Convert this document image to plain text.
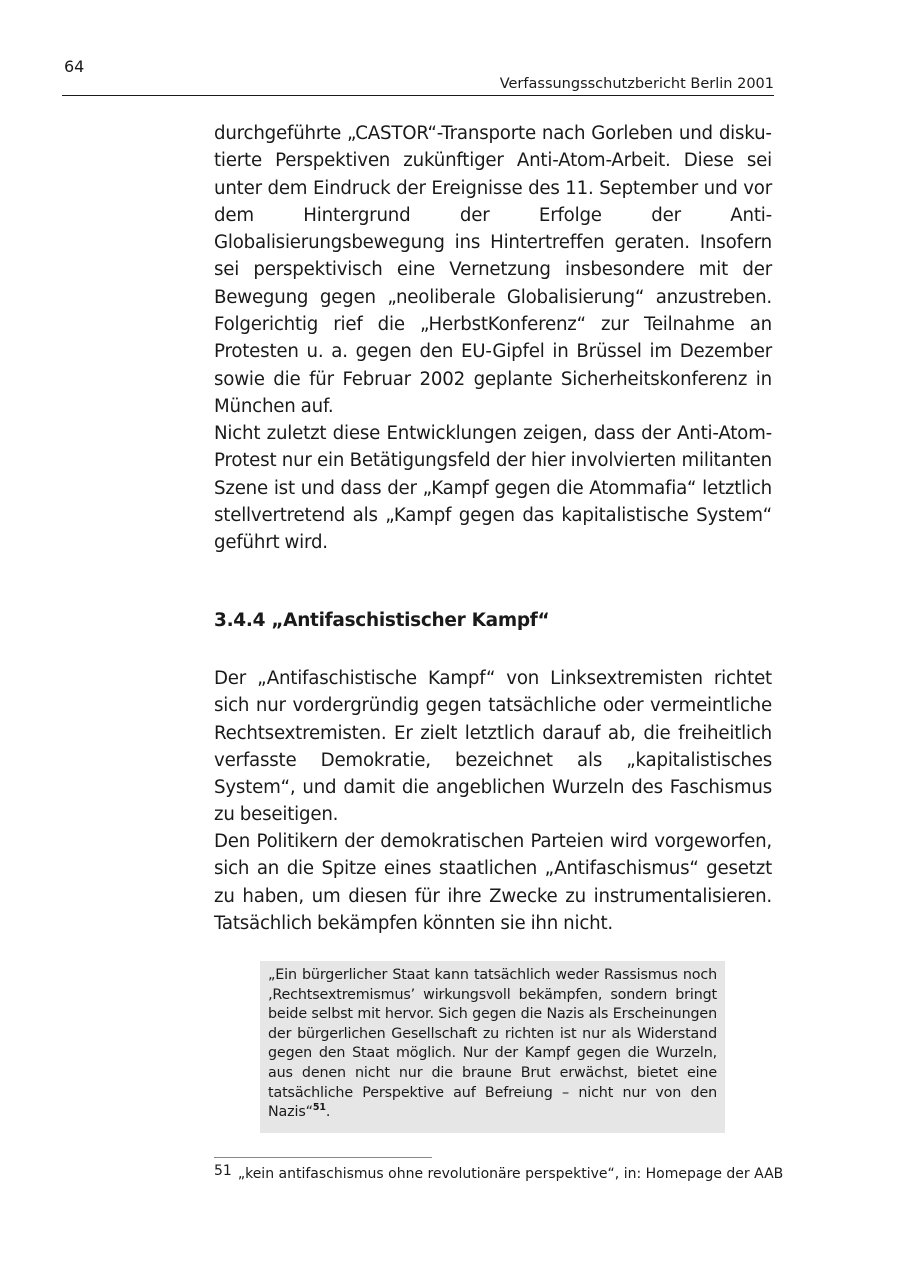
64
Verfassungsschutzbericht Berlin 2001

durchgeführte „CASTOR“-Transporte nach Gorleben und diskutierte Perspektiven zukünftiger Anti-Atom-Arbeit. Diese sei unter dem Eindruck der Ereignisse des 11. September und vor dem Hintergrund der Erfolge der Anti-Globalisierungsbewegung ins Hintertreffen geraten. Insofern sei perspektivisch eine Vernetzung insbesondere mit der Bewegung gegen „neoliberale Globalisierung“ anzustreben. Folgerichtig rief die „HerbstKonferenz“ zur Teilnahme an Protesten u. a. gegen den EU-Gipfel in Brüssel im Dezember sowie die für Februar 2002 geplante Sicherheitskonferenz in München auf.

Nicht zuletzt diese Entwicklungen zeigen, dass der Anti-Atom-Protest nur ein Betätigungsfeld der hier involvierten militanten Szene ist und dass der „Kampf gegen die Atommafia“ letztlich stellvertretend als „Kampf gegen das kapitalistische System“ geführt wird.

3.4.4 „Antifaschistischer Kampf“

Der „Antifaschistische Kampf“ von Linksextremisten richtet sich nur vordergründig gegen tatsächliche oder vermeintliche Rechtsextremisten. Er zielt letztlich darauf ab, die freiheitlich verfasste Demokratie, bezeichnet als „kapitalistisches System“, und damit die angeblichen Wurzeln des Faschismus zu beseitigen.

Den Politikern der demokratischen Parteien wird vorgeworfen, sich an die Spitze eines staatlichen „Antifaschismus“ gesetzt zu haben, um diesen für ihre Zwecke zu instrumentalisieren. Tatsächlich bekämpfen könnten sie ihn nicht.

„Ein bürgerlicher Staat kann tatsächlich weder Rassismus noch ‚Rechtsextremismus’ wirkungsvoll bekämpfen, sondern bringt beide selbst mit hervor. Sich gegen die Nazis als Erscheinungen der bürgerlichen Gesellschaft zu richten ist nur als Widerstand gegen den Staat möglich. Nur der Kampf gegen die Wurzeln, aus denen nicht nur die braune Brut erwächst, bietet eine tatsächliche Perspektive auf Befreiung – nicht nur von den Nazis“$^{51}$.

51 „kein antifaschismus ohne revolutionäre perspektive“, in: Homepage der AAB
